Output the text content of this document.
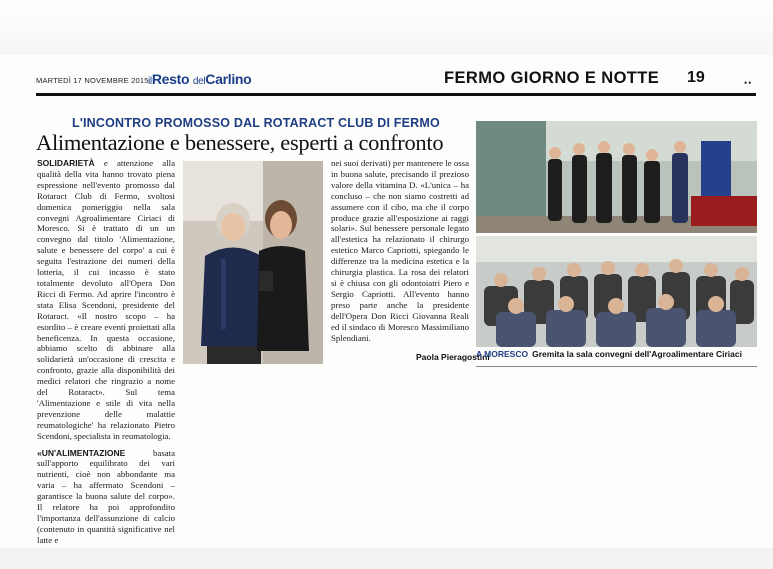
MARTEDÌ 17 NOVEMBRE 2015 ilResto delCarlino	FERMO GIORNO E NOTTE 19	••
L'INCONTRO PROMOSSO DAL ROTARACT CLUB DI FERMO
Alimentazione e benessere, esperti a confronto

SOLIDARIETÀ e attenzione alla qualità della vita hanno trovato piena espressione nell'evento promosso dal Rotaract Club di Fermo, svoltosi domenica pomeriggio nella sala convegni Agroalimentare Ciriaci di Moresco. Si è trattato di un un convegno dal titolo 'Alimentazione, salute e benessere del corpo' a cui è seguita l'estrazione dei numeri della lotteria, il cui incasso è stato totalmente devoluto all'Opera Don Ricci di Fermo. Ad aprire l'incontro è stata Elisa Scendoni, presidente del Rotaract. «Il nostro scopo – ha esordito – è creare eventi proiettati alla beneficenza. In questa occasione, abbiamo scelto di abbinare alla solidarietà un'occasione di crescita e confronto, grazie alla disponibilità dei medici relatori che ringrazio a nome del Rotaract». Sul tema 'Alimentazione e stile di vita nella prevenzione delle malattie reumatologiche' ha relazionato Pietro Scendoni, specialista in reumatologia.

«UN'ALIMENTAZIONE	basata sull'apporto equilibrato dei vari nutrienti, cioè non abbondante ma varia – ha affermato Scendoni – garantisce la buona salute del corpo». Il relatore ha poi approfondito l'importanza dell'assunzione di calcio (contenuto in quantità significative nel latte e

nei suoi derivati) per mantenere le ossa in buona salute, precisando il prezioso valore della vitamina D. «L'unica – ha concluso – che non siamo costretti ad assumere con il cibo, ma che il corpo produce grazie all'esposizione ai raggi solari». Sul benessere personale legato all'estetica ha relazionato il chirurgo estetico Marco Capriotti, spiegando le differenze tra la medicina estetica e la chirurgia plastica. La rosa dei relatori si è chiusa con gli odontoiatri Piero e Sergio Capriotti. All'evento hanno preso parte anche la presidente dell'Opera Don Ricci Giovanna Reali ed il sindaco di Moresco Massimiliano Splendiani.

Paola Pieragostini
A MORESCO Gremita la sala convegni dell'Agroalimentare Ciriaci
